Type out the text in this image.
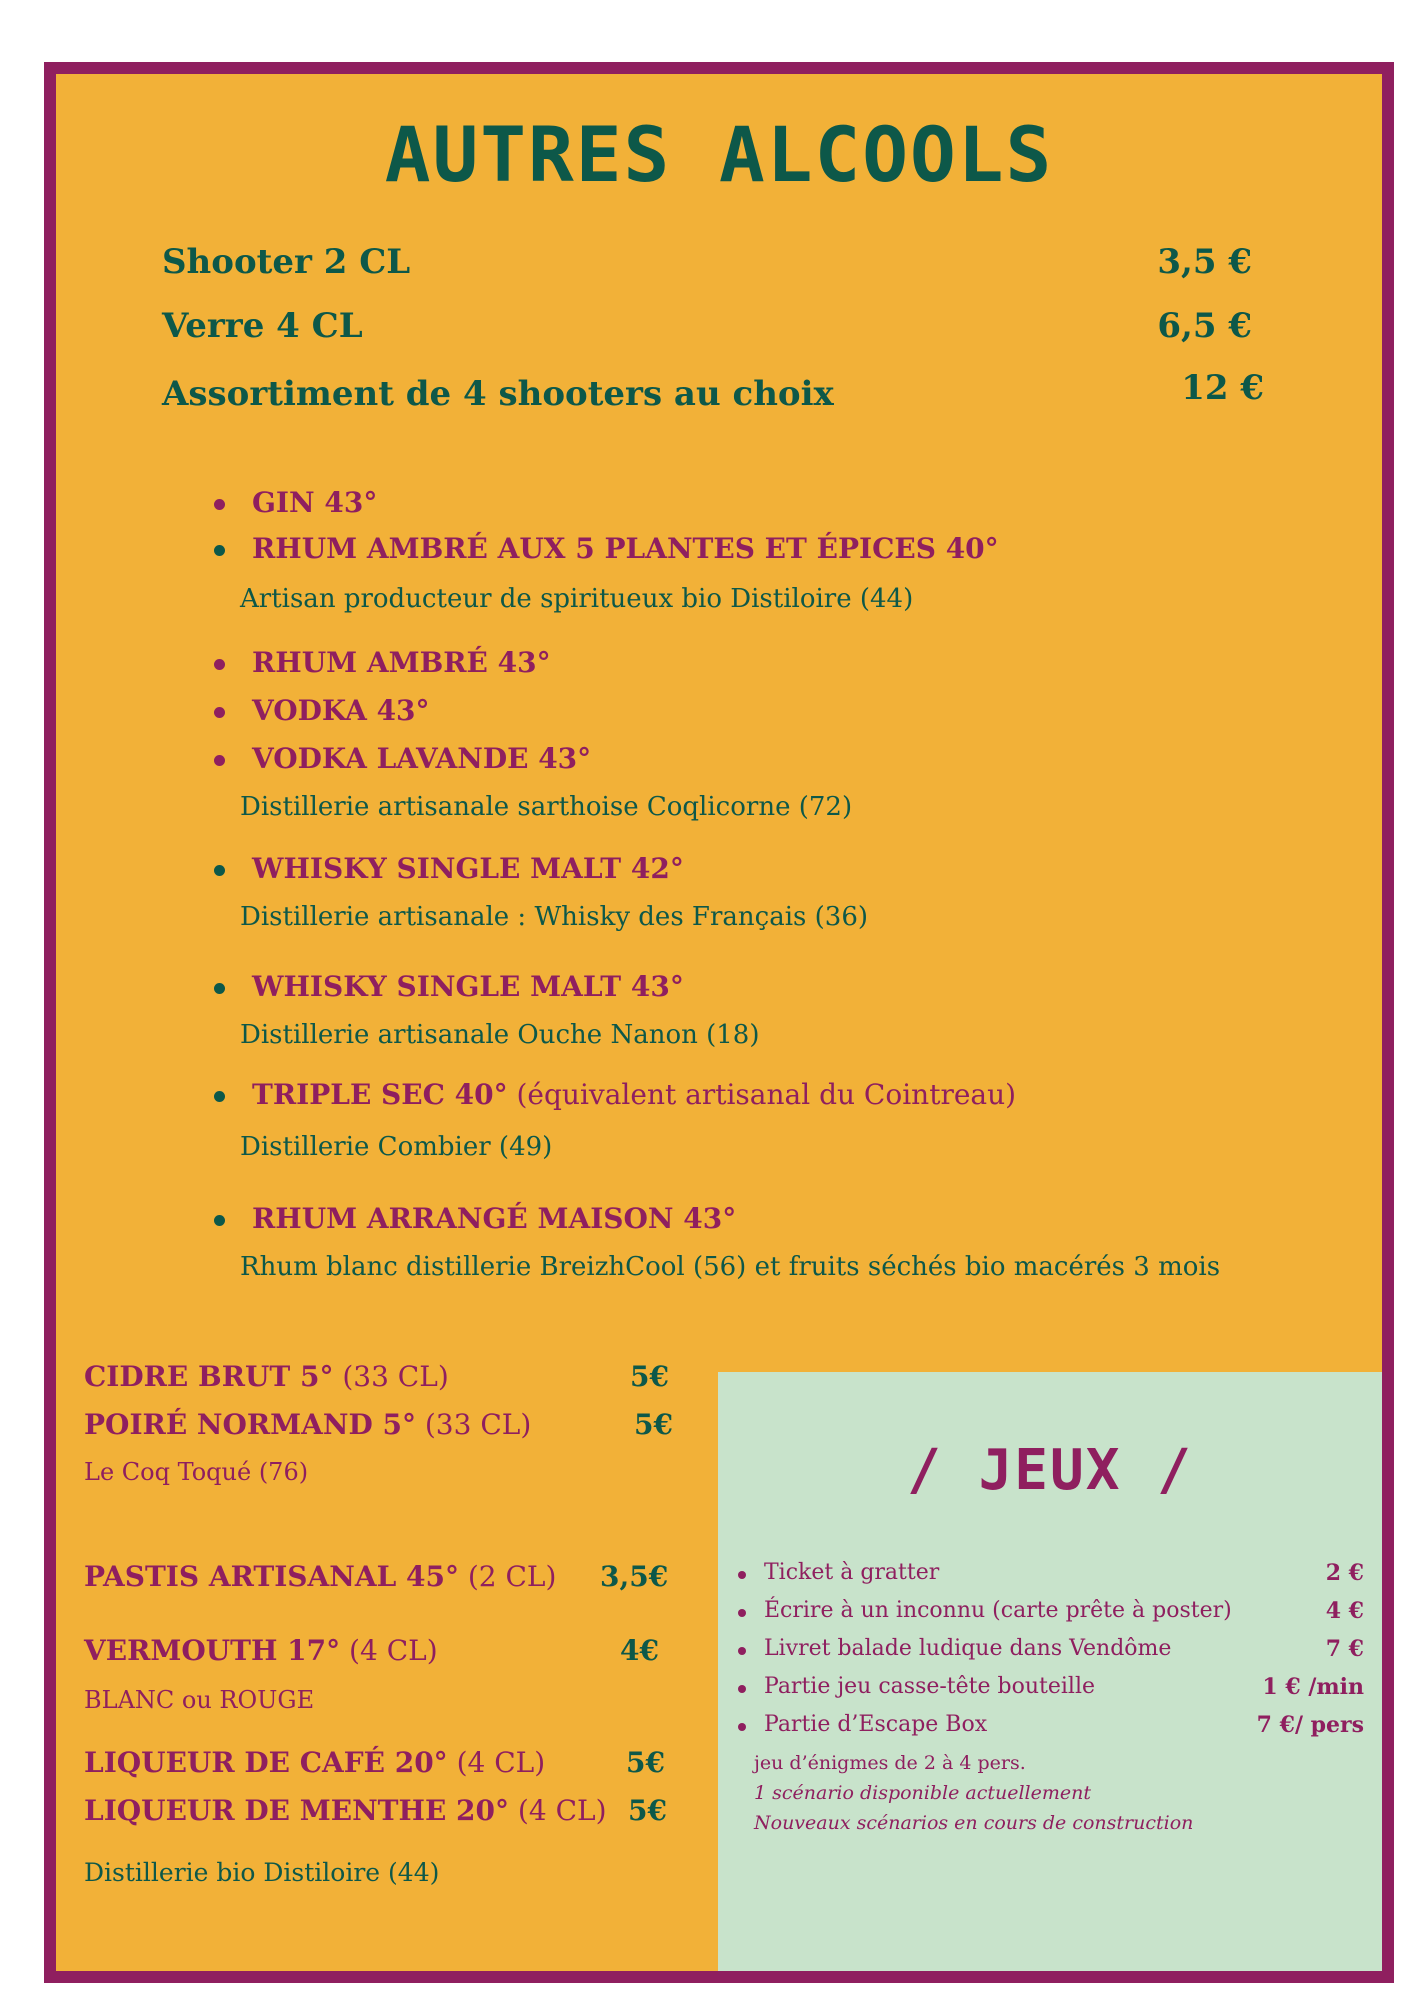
AUTRES ALCOOLS
Shooter 2 CL	3,5 €
Verre 4 CL	6,5 €
Assortiment de 4 shooters au choix	12 €
GIN 43°
RHUM AMBRÉ AUX 5 PLANTES ET ÉPICES 40°
Artisan producteur de spiritueux bio Distiloire (44)
RHUM AMBRÉ 43°
VODKA 43°
VODKA LAVANDE 43°
Distillerie artisanale sarthoise Coqlicorne (72)
WHISKY SINGLE MALT 42°
Distillerie artisanale : Whisky des Français (36)
WHISKY SINGLE MALT 43°
Distillerie artisanale Ouche Nanon (18)
TRIPLE SEC 40° (équivalent artisanal du Cointreau)
Distillerie Combier (49)
RHUM ARRANGÉ MAISON 43°
Rhum blanc distillerie BreizhCool (56) et fruits séchés bio macérés 3 mois
CIDRE BRUT 5° (33 CL)	5€
POIRÉ NORMAND 5° (33 CL)	5€
Le Coq Toqué (76)
PASTIS ARTISANAL 45° (2 CL) 3,5€
VERMOUTH 17° (4 CL)	4€
BLANC ou ROUGE
LIQUEUR DE CAFÉ 20° (4 CL)	5€
LIQUEUR DE MENTHE 20° (4 CL) 5€
Distillerie bio Distiloire (44)
/ JEUX /
Ticket à gratter	2 €
Écrire à un inconnu (carte prête à poster)	4 €
Livret balade ludique dans Vendôme	7 €
Partie jeu casse-tête bouteille	1 € /min
Partie d’Escape Box	7 €/ pers
jeu d’énigmes de 2 à 4 pers.
1 scénario disponible actuellement
Nouveaux scénarios en cours de construction
